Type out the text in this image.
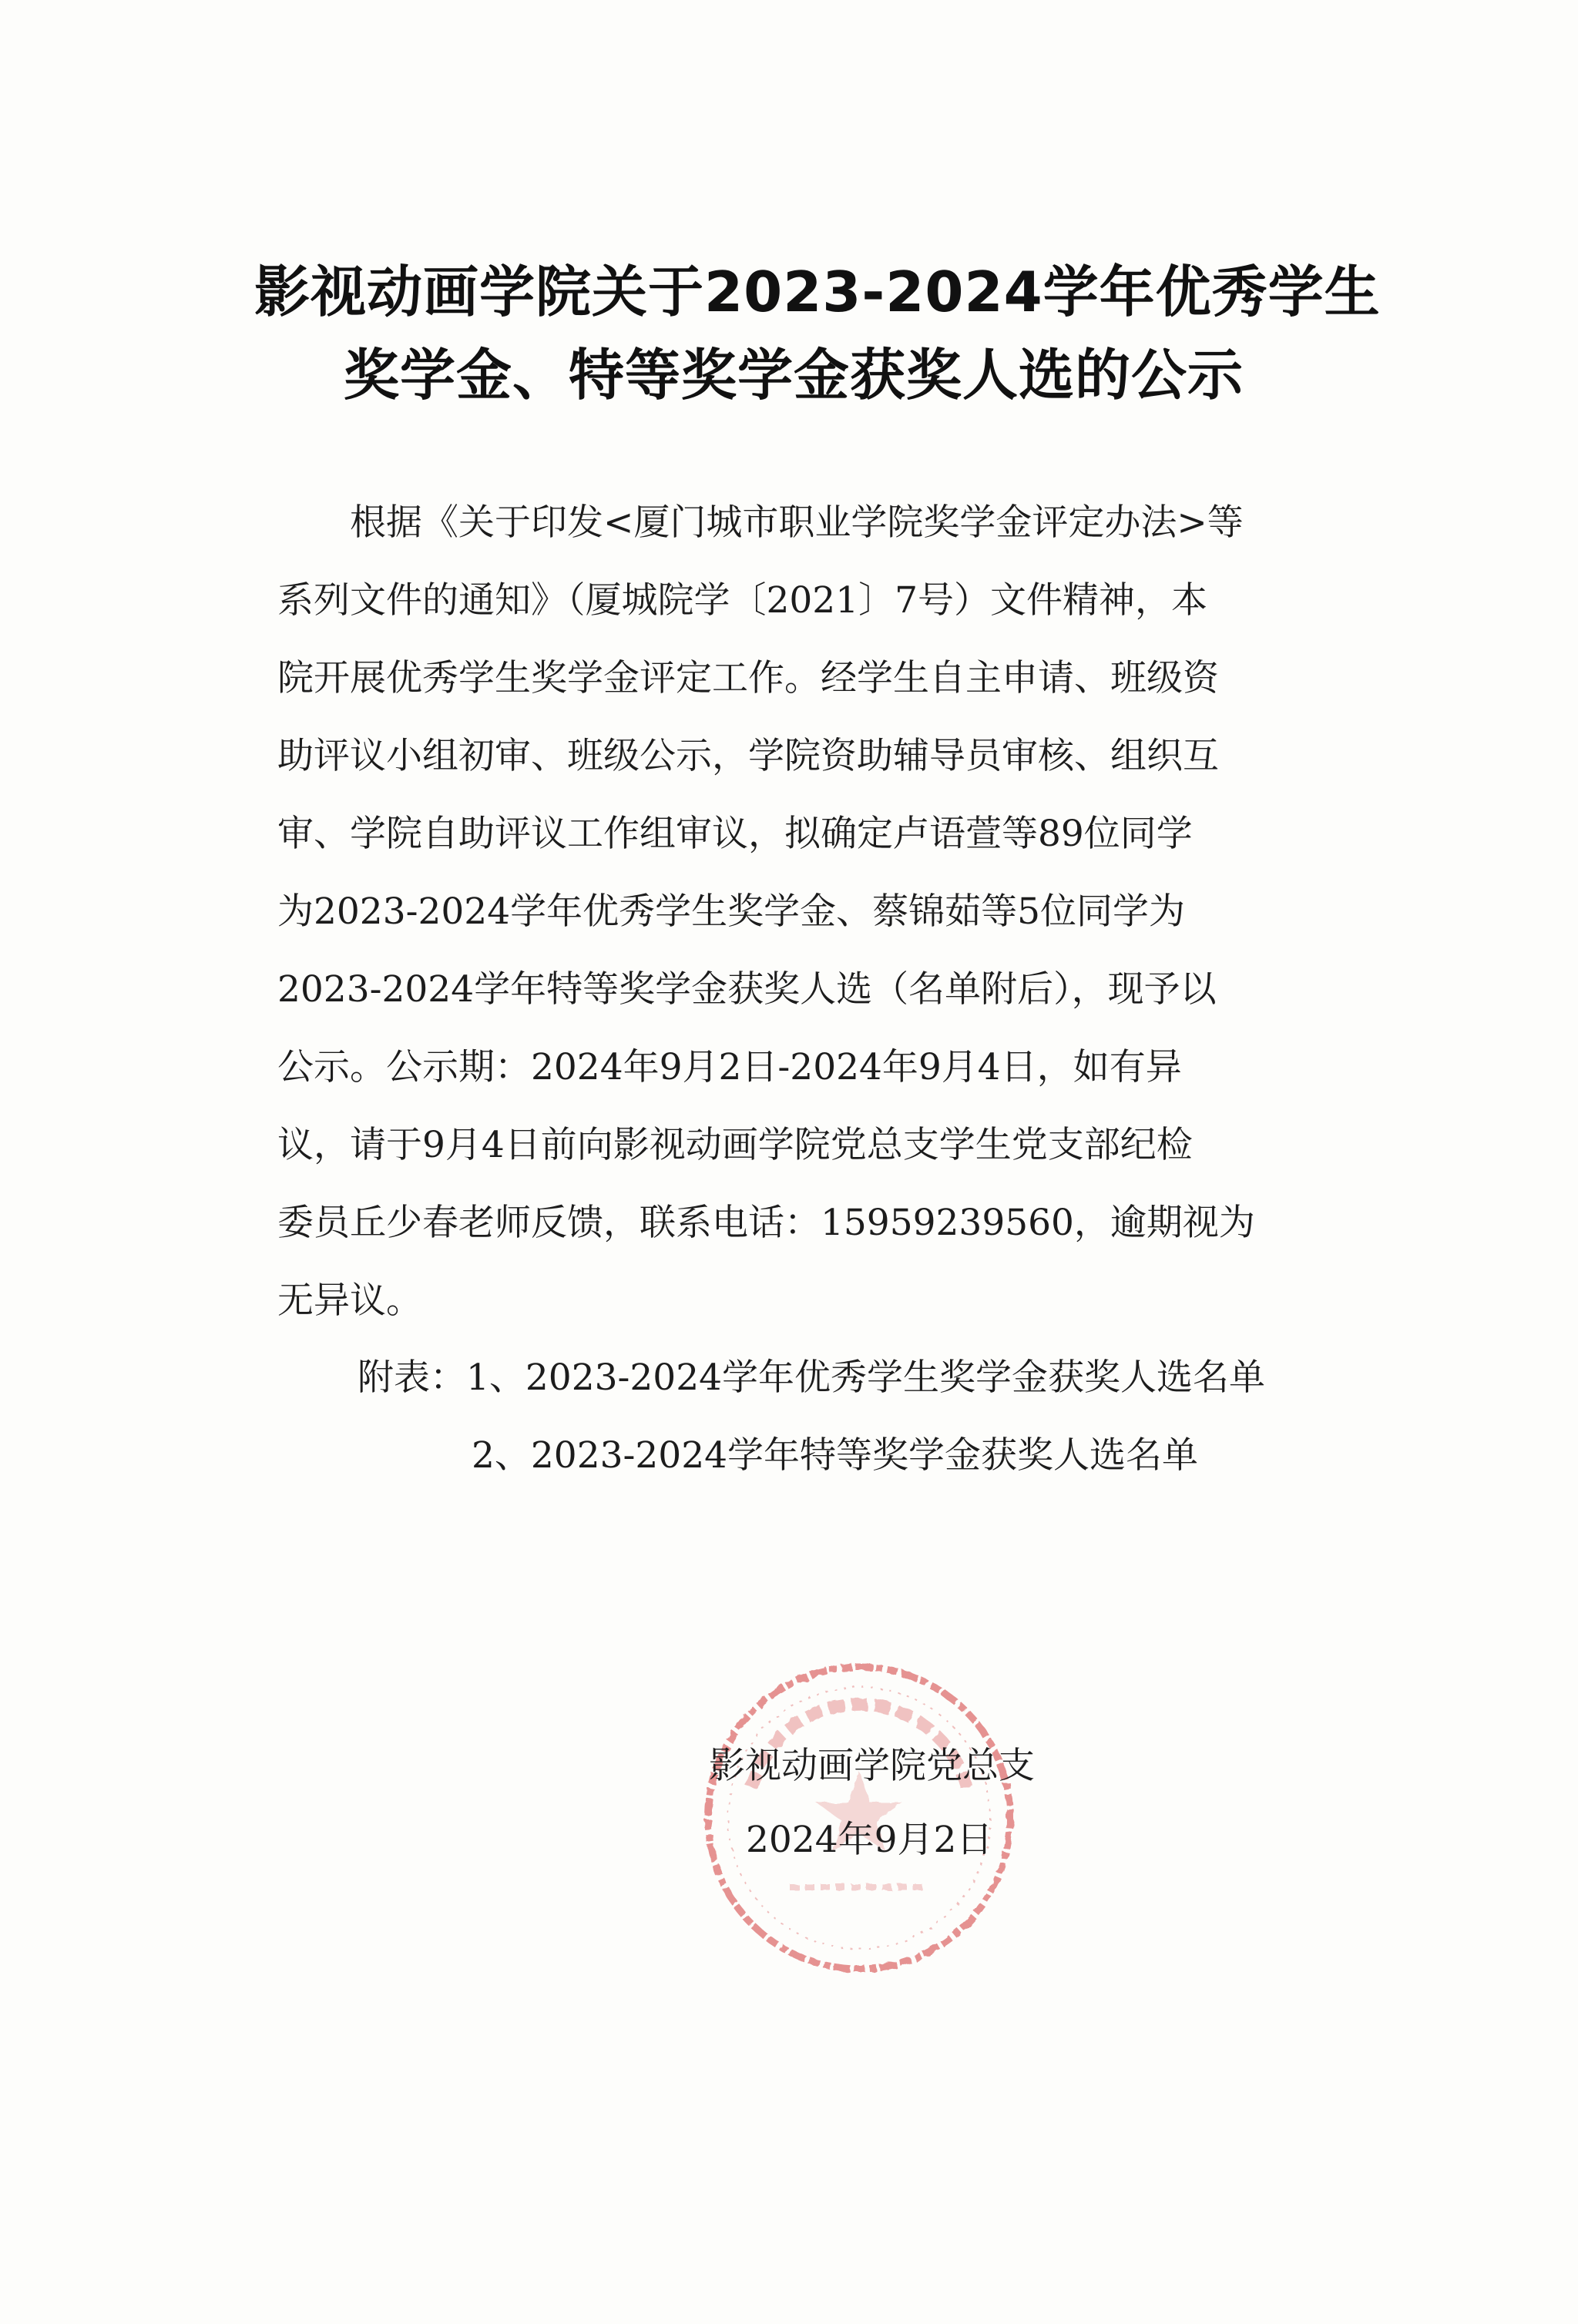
影视动画学院关于2023-2024学年优秀学生
奖学金、特等奖学金获奖人选的公示
根据《关于印发<厦门城市职业学院奖学金评定办法>等
系列文件的通知》（厦城院学〔2021〕7号）文件精神，本
院开展优秀学生奖学金评定工作。经学生自主申请、班级资
助评议小组初审、班级公示，学院资助辅导员审核、组织互
审、学院自助评议工作组审议，拟确定卢语萱等89位同学
为2023-2024学年优秀学生奖学金、蔡锦茹等5位同学为
2023-2024学年特等奖学金获奖人选（名单附后），现予以
公示。公示期：2024年9月2日-2024年9月4日，如有异
议，请于9月4日前向影视动画学院党总支学生党支部纪检
委员丘少春老师反馈，联系电话：15959239560，逾期视为
无异议。
附表：1、2023-2024学年优秀学生奖学金获奖人选名单
2、2023-2024学年特等奖学金获奖人选名单
影视动画学院党总支
2024年9月2日
